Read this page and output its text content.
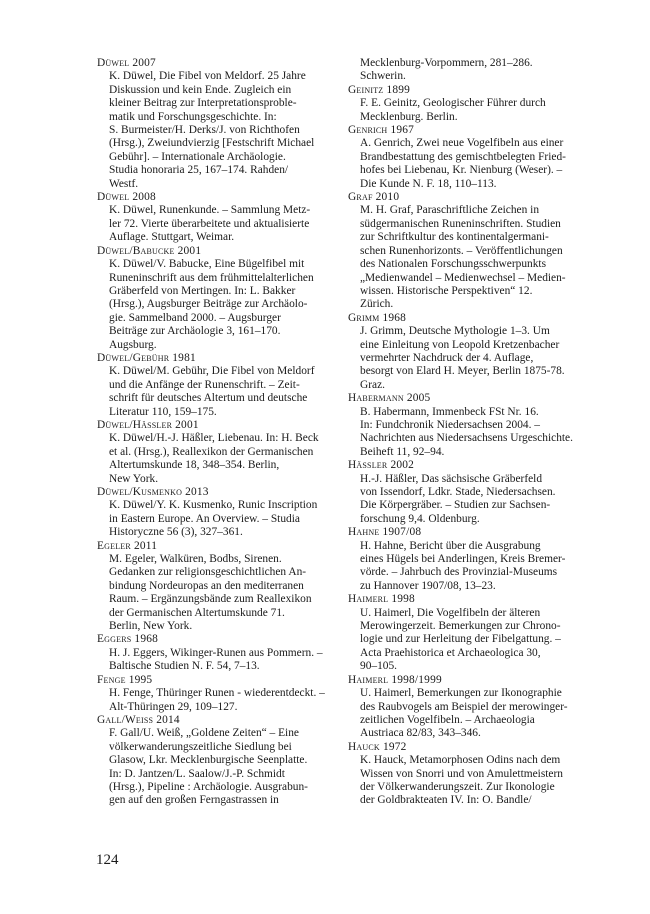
Düwel 2007
K. Düwel, Die Fibel von Meldorf. 25 Jahre
Diskussion und kein Ende. Zugleich ein
kleiner Beitrag zur Interpretationsproble-
matik und Forschungsgeschichte. In:
S. Burmeister/H. Derks/J. von Richthofen
(Hrsg.), Zweiundvierzig [Festschrift Michael
Gebühr]. – Internationale Archäologie.
Studia honoraria 25, 167–174. Rahden/
Westf.
Düwel 2008
K. Düwel, Runenkunde. – Sammlung Metz-
ler 72. Vierte überarbeitete und aktualisierte
Auflage. Stuttgart, Weimar.
Düwel/Babucke 2001
K. Düwel/V. Babucke, Eine Bügelfibel mit
Runeninschrift aus dem frühmittelalterlichen
Gräberfeld von Mertingen. In: L. Bakker
(Hrsg.), Augsburger Beiträge zur Archäolo-
gie. Sammelband 2000. – Augsburger
Beiträge zur Archäologie 3, 161–170.
Augsburg.
Düwel/Gebühr 1981
K. Düwel/M. Gebühr, Die Fibel von Meldorf
und die Anfänge der Runenschrift. – Zeit-
schrift für deutsches Altertum und deutsche
Literatur 110, 159–175.
Düwel/Hässler 2001
K. Düwel/H.-J. Häßler, Liebenau. In: H. Beck
et al. (Hrsg.), Reallexikon der Germanischen
Altertumskunde 18, 348–354. Berlin,
New York.
Düwel/Kusmenko 2013
K. Düwel/Y. K. Kusmenko, Runic Inscription
in Eastern Europe. An Overview. – Studia
Historyczne 56 (3), 327–361.
Egeler 2011
M. Egeler, Walküren, Bodbs, Sirenen.
Gedanken zur religionsgeschichtlichen An-
bindung Nordeuropas an den mediterranen
Raum. – Ergänzungsbände zum Reallexikon
der Germanischen Altertumskunde 71.
Berlin, New York.
Eggers 1968
H. J. Eggers, Wikinger-Runen aus Pommern. –
Baltische Studien N. F. 54, 7–13.
Fenge 1995
H. Fenge, Thüringer Runen - wiederentdeckt. –
Alt-Thüringen 29, 109–127.
Gall/Weiss 2014
F. Gall/U. Weiß, „Goldene Zeiten“ – Eine
völkerwanderungszeitliche Siedlung bei
Glasow, Lkr. Mecklenburgische Seenplatte.
In: D. Jantzen/L. Saalow/J.-P. Schmidt
(Hrsg.), Pipeline : Archäologie. Ausgrabun-
gen auf den großen Ferngastrassen in
Mecklenburg-Vorpommern, 281–286.
Schwerin.
Geinitz 1899
F. E. Geinitz, Geologischer Führer durch
Mecklenburg. Berlin.
Genrich 1967
A. Genrich, Zwei neue Vogelfibeln aus einer
Brandbestattung des gemischtbelegten Fried-
hofes bei Liebenau, Kr. Nienburg (Weser). –
Die Kunde N. F. 18, 110–113.
Graf 2010
M. H. Graf, Paraschriftliche Zeichen in
südgermanischen Runeninschriften. Studien
zur Schriftkultur des kontinentalgermani-
schen Runenhorizonts. – Veröffentlichungen
des Nationalen Forschungsschwerpunkts
„Medienwandel – Medienwechsel – Medien-
wissen. Historische Perspektiven“ 12.
Zürich.
Grimm 1968
J. Grimm, Deutsche Mythologie 1–3. Um
eine Einleitung von Leopold Kretzenbacher
vermehrter Nachdruck der 4. Auflage,
besorgt von Elard H. Meyer, Berlin 1875-78.
Graz.
Habermann 2005
B. Habermann, Immenbeck FSt Nr. 16.
In: Fundchronik Niedersachsen 2004. –
Nachrichten aus Niedersachsens Urgeschichte.
Beiheft 11, 92–94.
Hässler 2002
H.-J. Häßler, Das sächsische Gräberfeld
von Issendorf, Ldkr. Stade, Niedersachsen.
Die Körpergräber. – Studien zur Sachsen-
forschung 9,4. Oldenburg.
Hahne 1907/08
H. Hahne, Bericht über die Ausgrabung
eines Hügels bei Anderlingen, Kreis Bremer-
vörde. – Jahrbuch des Provinzial-Museums
zu Hannover 1907/08, 13–23.
Haimerl 1998
U. Haimerl, Die Vogelfibeln der älteren
Merowingerzeit. Bemerkungen zur Chrono-
logie und zur Herleitung der Fibelgattung. –
Acta Praehistorica et Archaeologica 30,
90–105.
Haimerl 1998/1999
U. Haimerl, Bemerkungen zur Ikonographie
des Raubvogels am Beispiel der merowinger-
zeitlichen Vogelfibeln. – Archaeologia
Austriaca 82/83, 343–346.
Hauck 1972
K. Hauck, Metamorphosen Odins nach dem
Wissen von Snorri und von Amulettmeistern
der Völkerwanderungszeit. Zur Ikonologie
der Goldbrakteaten IV. In: O. Bandle/
124
